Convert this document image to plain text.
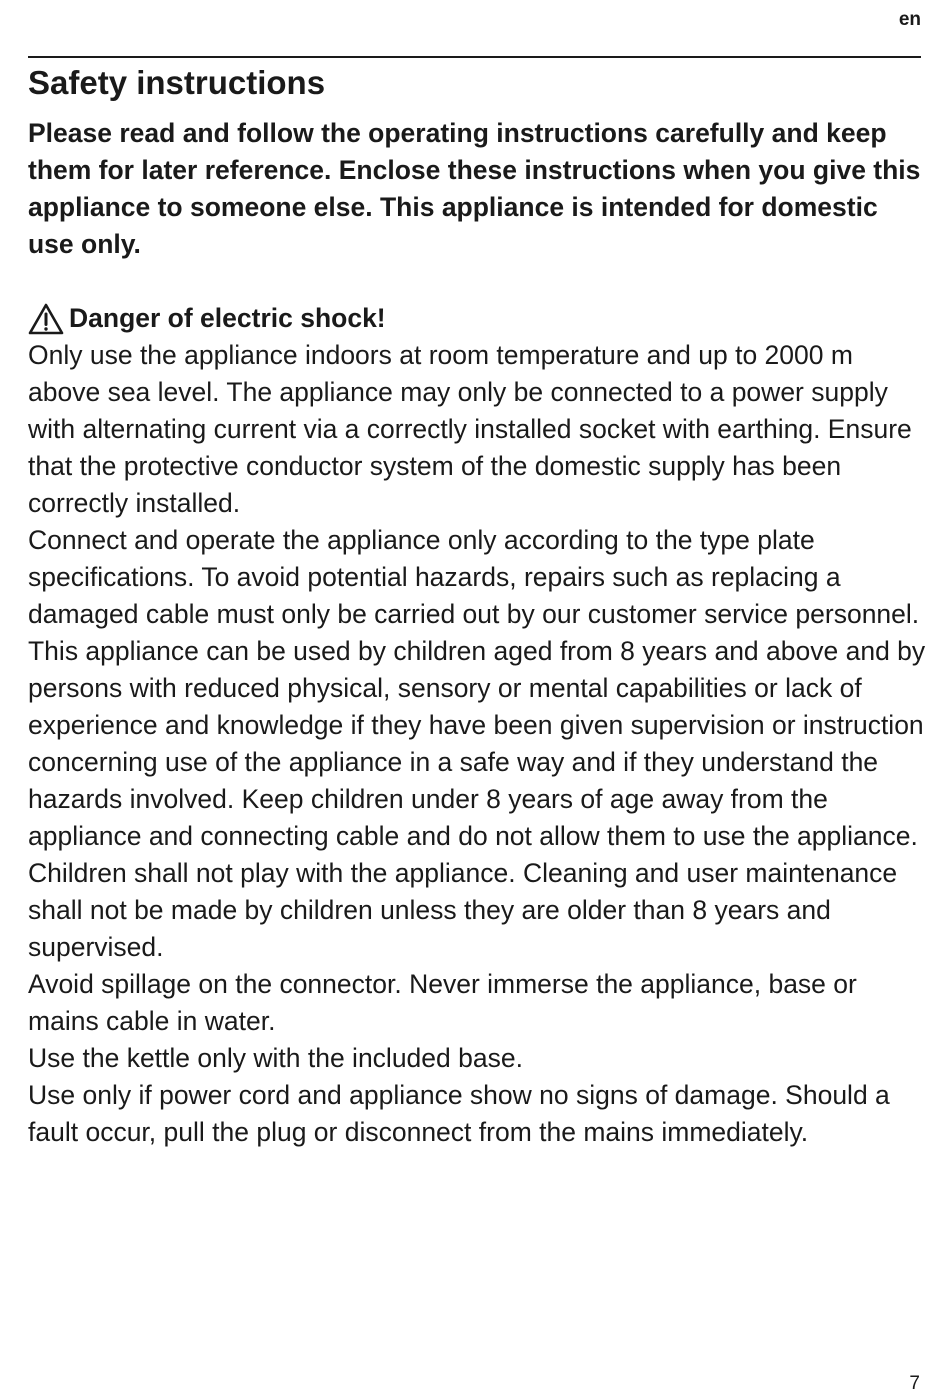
en
Safety instructions

Please read and follow the operating instructions carefully and keep them for later reference. Enclose these instructions when you give this appliance to someone else. This appliance is intended for domestic use only.

Danger of electric shock!

Only use the appliance indoors at room temperature and up to 2000 m above sea level. The appliance may only be connected to a power supply with alternating current via a correctly installed socket with earthing. Ensure that the protective conductor system of the domestic supply has been correctly installed.

Connect and operate the appliance only according to the type plate specifications. To avoid potential hazards, repairs such as replacing a damaged cable must only be carried out by our customer service personnel.

This appliance can be used by children aged from 8 years and above and by persons with reduced physical, sensory or mental capabilities or lack of experience and knowledge if they have been given supervision or instruction concerning use of the appliance in a safe way and if they understand the hazards involved. Keep children under 8 years of age away from the appliance and connecting cable and do not allow them to use the appliance. Children shall not play with the appliance. Cleaning and user maintenance shall not be made by children unless they are older than 8 years and supervised.

Avoid spillage on the connector. Never immerse the appliance, base or mains cable in water.

Use the kettle only with the included base.

Use only if power cord and appliance show no signs of damage. Should a fault occur, pull the plug or disconnect from the mains immediately.

7
